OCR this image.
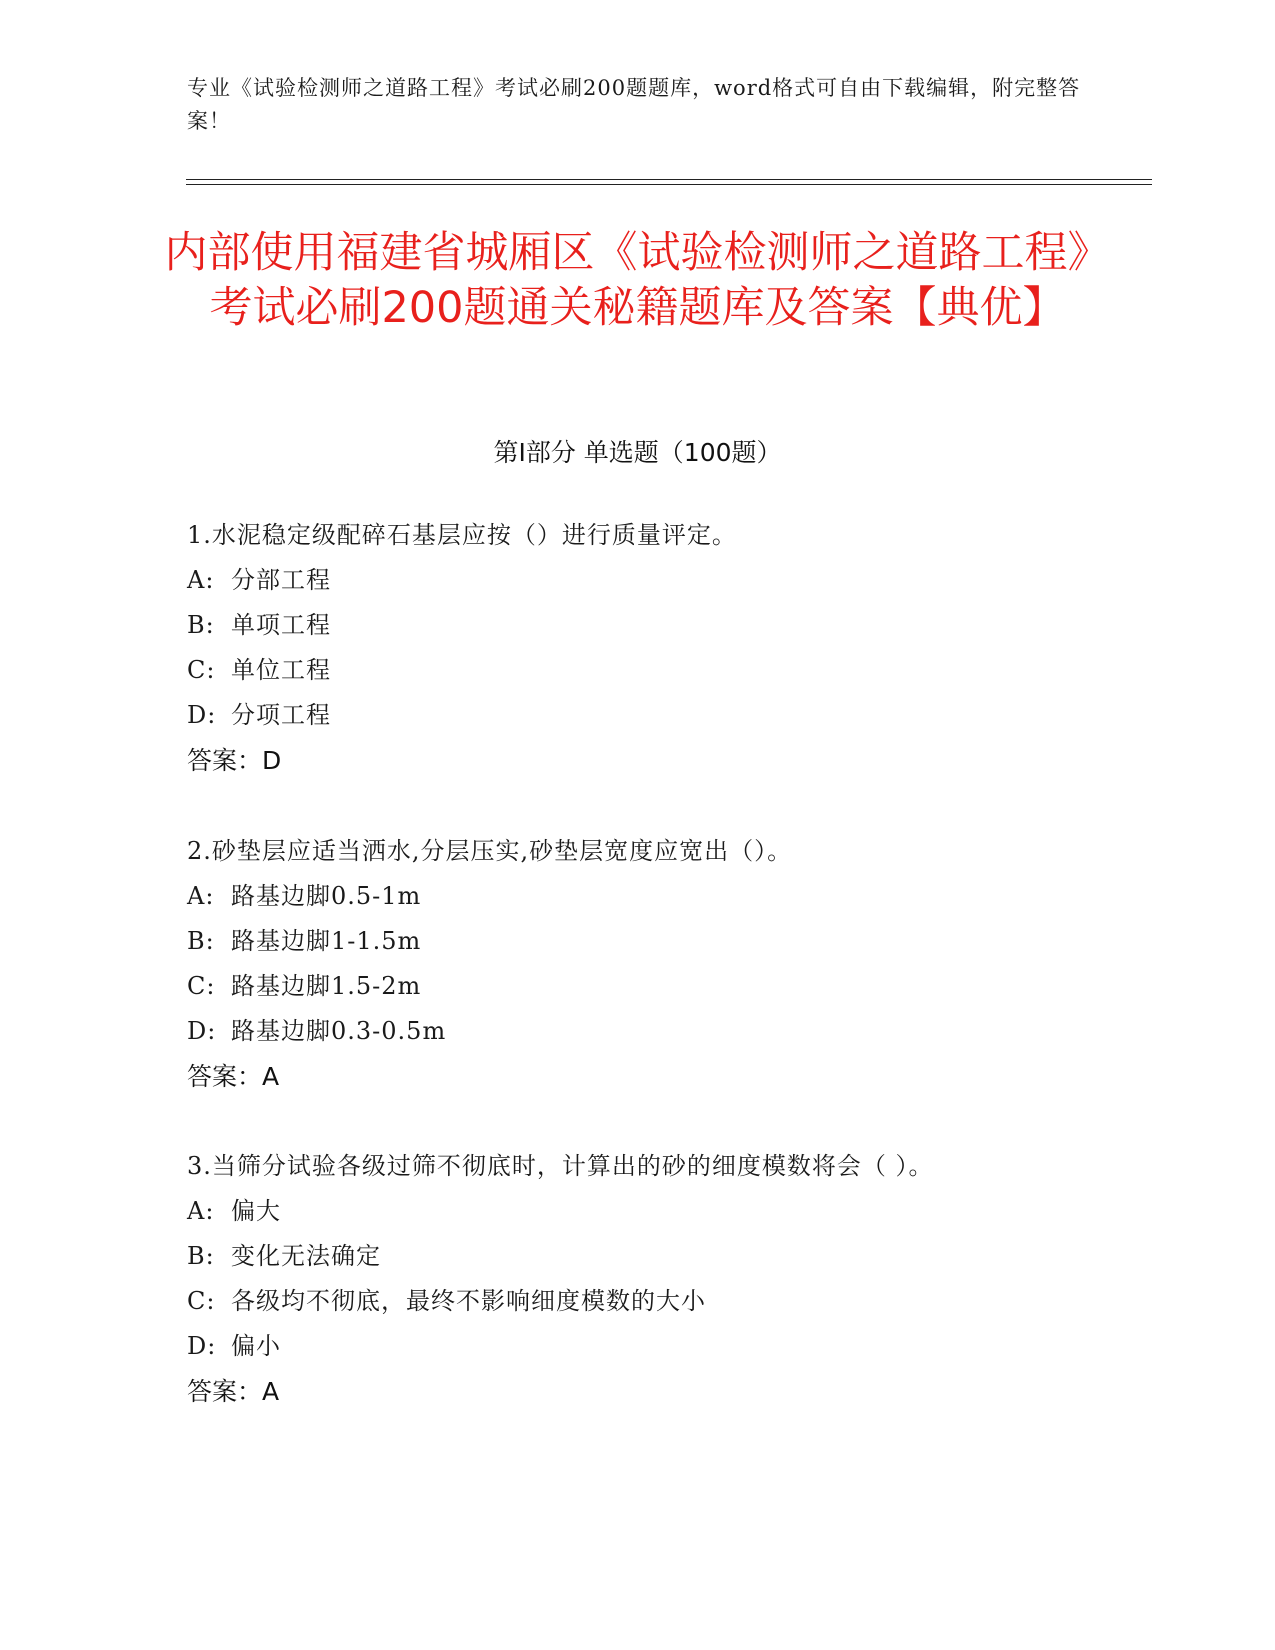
专业《试验检测师之道路工程》考试必刷200题题库，word格式可自由下载编辑，附完整答案！
内部使用福建省城厢区《试验检测师之道路工程》考试必刷200题通关秘籍题库及答案【典优】
第Ⅰ部分 单选题（100题）
1.水泥稳定级配碎石基层应按（）进行质量评定。
A: 分部工程
B: 单项工程
C: 单位工程
D: 分项工程
答案：D
2.砂垫层应适当洒水,分层压实,砂垫层宽度应宽出（）。
A: 路基边脚0.5-1m
B: 路基边脚1-1.5m
C: 路基边脚1.5-2m
D: 路基边脚0.3-0.5m
答案：A
3.当筛分试验各级过筛不彻底时，计算出的砂的细度模数将会（ ）。
A: 偏大
B: 变化无法确定
C: 各级均不彻底，最终不影响细度模数的大小
D: 偏小
答案：A
